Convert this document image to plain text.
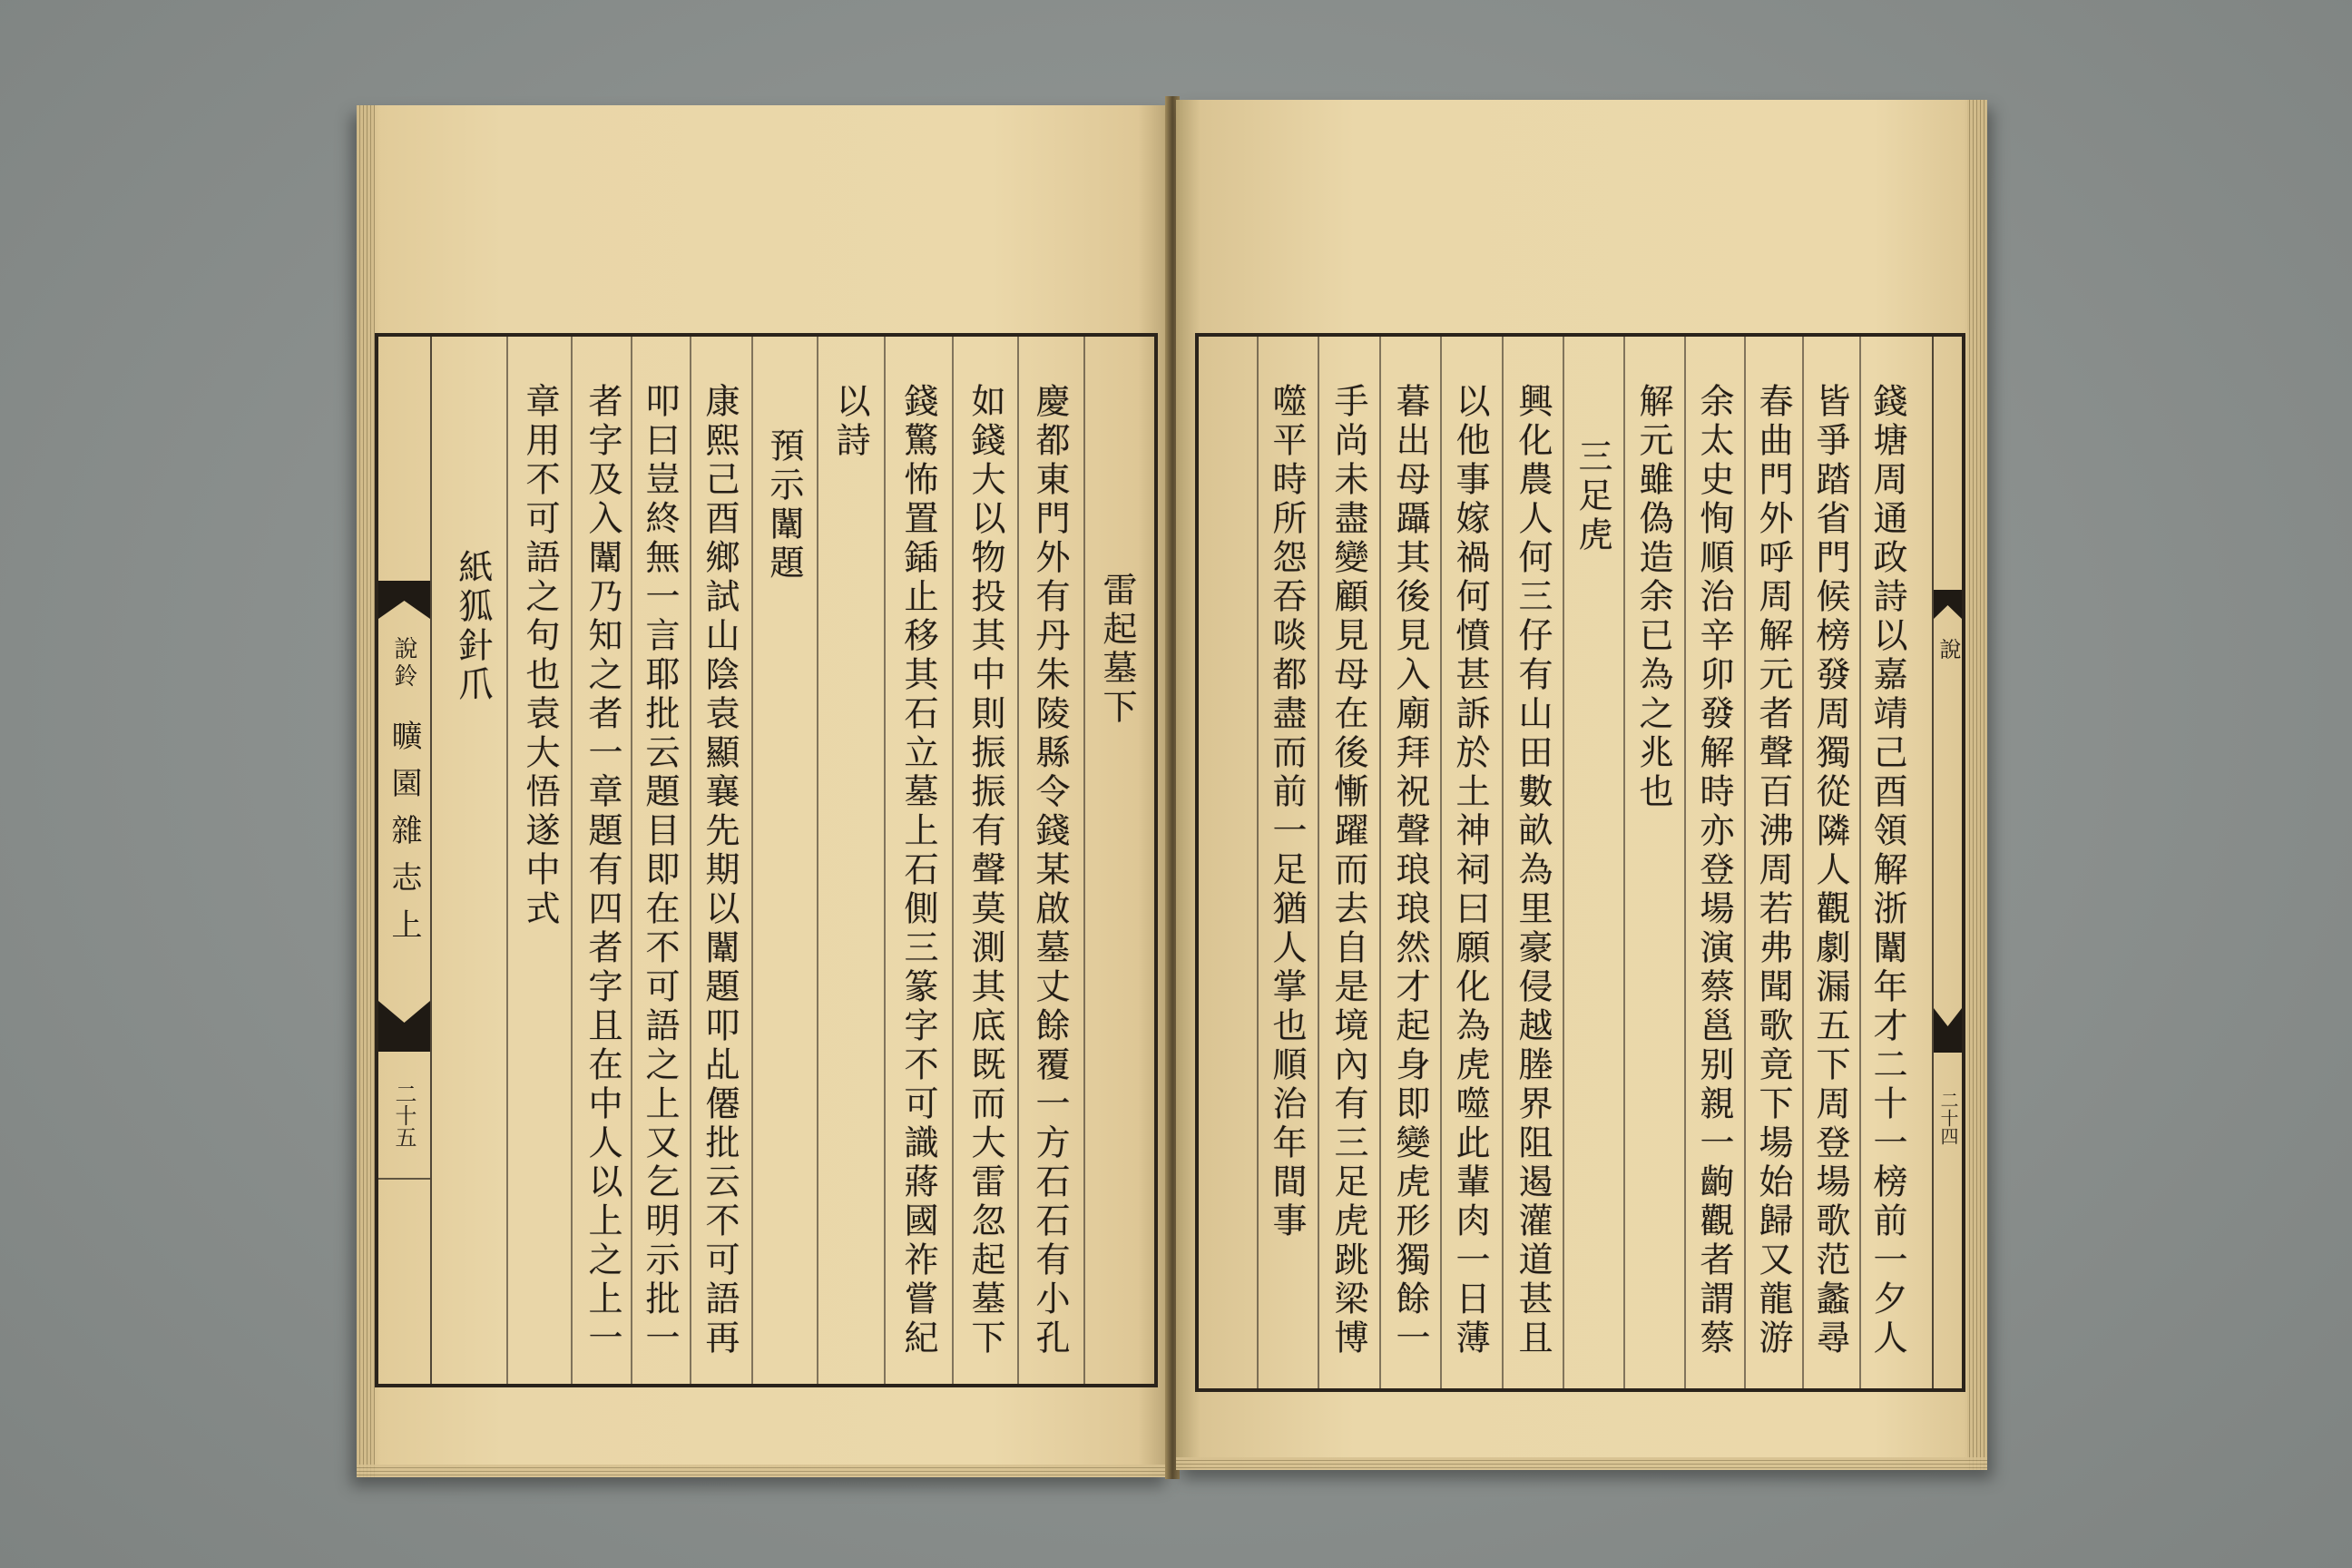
說鈴
曠園雜志上
二十五
雷起墓下
慶都東門外有丹朱陵縣令錢某啟墓丈餘覆一方石石有小孔
如錢大以物投其中則振振有聲莫測其底既而大雷忽起墓下
錢驚怖置鍤止移其石立墓上石側三篆字不可識蔣國祚嘗紀
以詩
預示闈題
康熙己酉鄉試山陰袁顯襄先期以闈題叩乩僊批云不可語再
叩曰豈終無一言耶批云題目即在不可語之上又乞明示批一
者字及入闈乃知之者一章題有四者字且在中人以上之上一
章用不可語之句也袁大悟遂中式
紙狐針爪	說
二十四
錢塘周通政詩以嘉靖己酉領解浙闈年才二十一榜前一夕人
皆爭踏省門候榜發周獨從隣人觀劇漏五下周登場歌范蠡尋
春曲門外呼周解元者聲百沸周若弗聞歌竟下場始歸又龍游
余太史恂順治辛卯發解時亦登場演蔡邕别親一齣觀者謂蔡
解元雖偽造余已為之兆也
三足虎
興化農人何三仔有山田數畝為里豪侵越塍界阻遏灌道甚且
以他事嫁禍何憤甚訴於土神祠曰願化為虎噬此輩肉一日薄
暮出母躡其後見入廟拜祝聲琅琅然才起身即變虎形獨餘一
手尚未盡變顧見母在後慚躍而去自是境內有三足虎跳梁博
噬平時所怨吞啖都盡而前一足猶人掌也順治年間事
